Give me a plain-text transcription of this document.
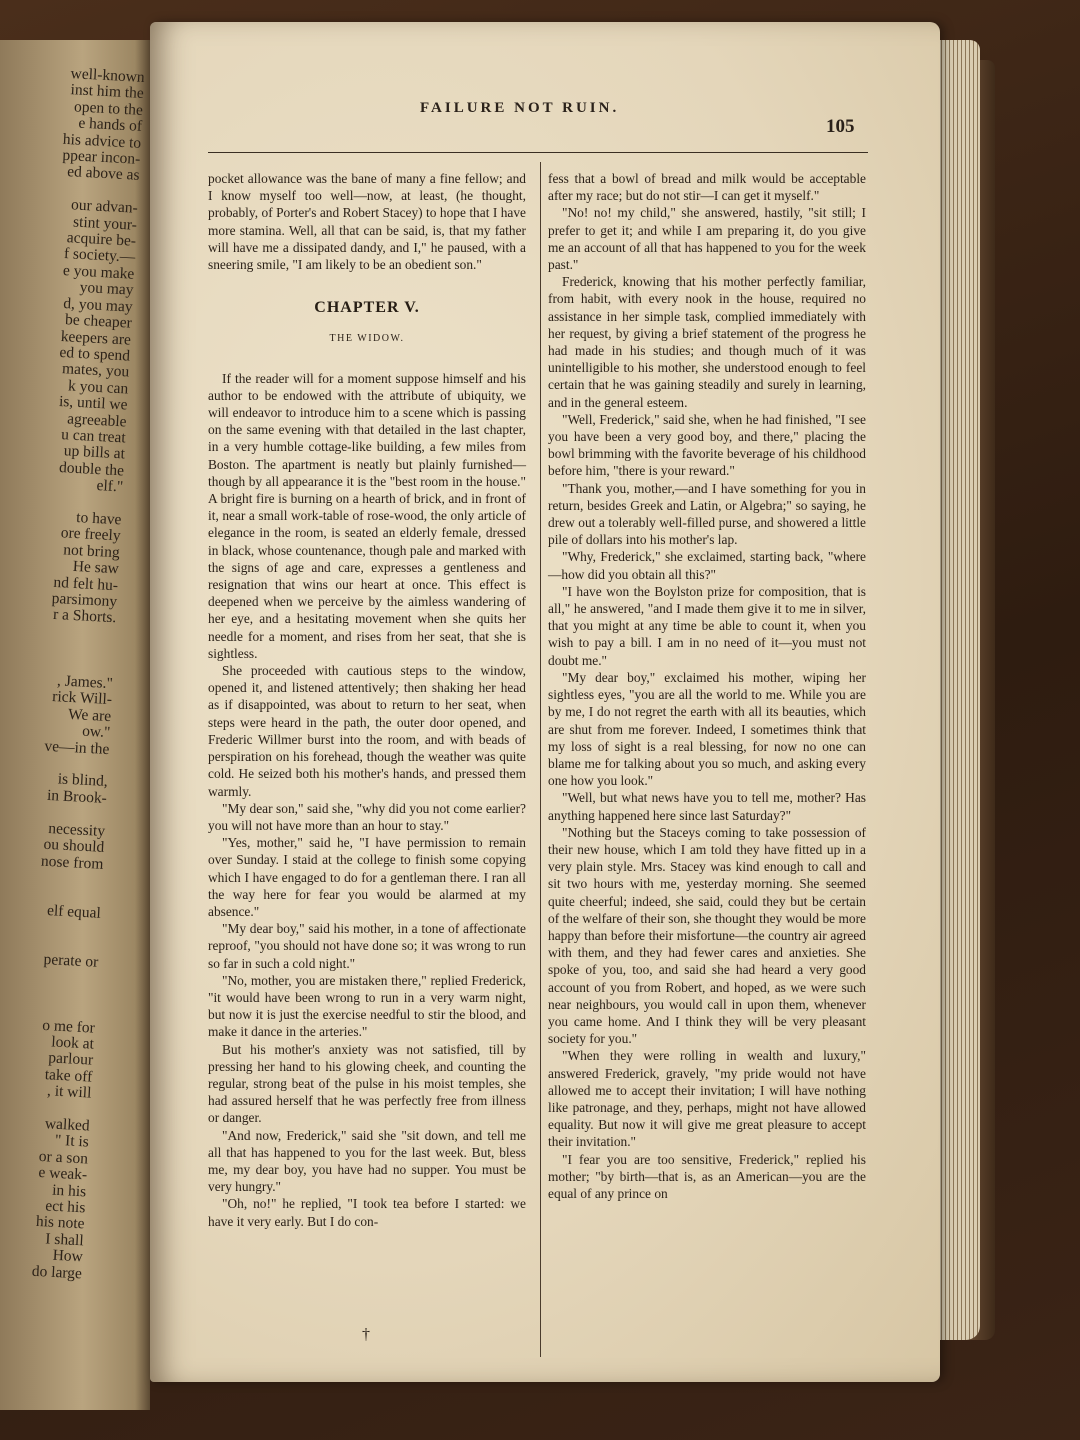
well-known
inst him the
open to the
e hands of
his advice to
ppear incon-
ed above as

our advan-
stint your-
acquire be-
f society.—
e you make
you may
d, you may
be cheaper
keepers are
ed to spend
mates, you
k you can
is, until we
agreeable
u can treat
up bills at
double the
elf."

to have
ore freely
not bring
He saw
nd felt hu-
parsimony
r a Shorts.

, James."
rick Will-
We are
ow."
ve—in the

is blind,
in Brook-

necessity
ou should
nose from

elf equal

perate or

o me for
look at
parlour
take off
, it will

walked
" It is
or a son
e weak-
in his
ect his
his note
I shall
How
do large
FAILURE NOT RUIN.
105

pocket allowance was the bane of many a fine fellow; and I know myself too well—now, at least, (he thought, probably, of Porter's and Robert Stacey) to hope that I have more stamina. Well, all that can be said, is, that my father will have me a dissipated dandy, and I," he paused, with a sneering smile, "I am likely to be an obedient son."

CHAPTER V.
THE WIDOW.

If the reader will for a moment suppose himself and his author to be endowed with the attribute of ubiquity, we will endeavor to introduce him to a scene which is passing on the same evening with that detailed in the last chapter, in a very humble cottage-like building, a few miles from Boston. The apartment is neatly but plainly furnished—though by all appearance it is the "best room in the house." A bright fire is burning on a hearth of brick, and in front of it, near a small work-table of rose-wood, the only article of elegance in the room, is seated an elderly female, dressed in black, whose countenance, though pale and marked with the signs of age and care, expresses a gentleness and resignation that wins our heart at once. This effect is deepened when we perceive by the aimless wandering of her eye, and a hesitating movement when she quits her needle for a moment, and rises from her seat, that she is sightless.

She proceeded with cautious steps to the window, opened it, and listened attentively; then shaking her head as if disappointed, was about to return to her seat, when steps were heard in the path, the outer door opened, and Frederic Willmer burst into the room, and with beads of perspiration on his forehead, though the weather was quite cold. He seized both his mother's hands, and pressed them warmly.

"My dear son," said she, "why did you not come earlier? you will not have more than an hour to stay."

"Yes, mother," said he, "I have permission to remain over Sunday. I staid at the college to finish some copying which I have engaged to do for a gentleman there. I ran all the way here for fear you would be alarmed at my absence."

"My dear boy," said his mother, in a tone of affectionate reproof, "you should not have done so; it was wrong to run so far in such a cold night."

"No, mother, you are mistaken there," replied Frederick, "it would have been wrong to run in a very warm night, but now it is just the exercise needful to stir the blood, and make it dance in the arteries."

But his mother's anxiety was not satisfied, till by pressing her hand to his glowing cheek, and counting the regular, strong beat of the pulse in his moist temples, she had assured herself that he was perfectly free from illness or danger.

"And now, Frederick," said she "sit down, and tell me all that has happened to you for the last week. But, bless me, my dear boy, you have had no supper. You must be very hungry."

"Oh, no!" he replied, "I took tea before I started: we have it very early. But I do con-

fess that a bowl of bread and milk would be acceptable after my race; but do not stir—I can get it myself."

"No! no! my child," she answered, hastily, "sit still; I prefer to get it; and while I am preparing it, do you give me an account of all that has happened to you for the week past."

Frederick, knowing that his mother perfectly familiar, from habit, with every nook in the house, required no assistance in her simple task, complied immediately with her request, by giving a brief statement of the progress he had made in his studies; and though much of it was unintelligible to his mother, she understood enough to feel certain that he was gaining steadily and surely in learning, and in the general esteem.

"Well, Frederick," said she, when he had finished, "I see you have been a very good boy, and there," placing the bowl brimming with the favorite beverage of his childhood before him, "there is your reward."

"Thank you, mother,—and I have something for you in return, besides Greek and Latin, or Algebra;" so saying, he drew out a tolerably well-filled purse, and showered a little pile of dollars into his mother's lap.

"Why, Frederick," she exclaimed, starting back, "where—how did you obtain all this?"

"I have won the Boylston prize for composition, that is all," he answered, "and I made them give it to me in silver, that you might at any time be able to count it, when you wish to pay a bill. I am in no need of it—you must not doubt me."

"My dear boy," exclaimed his mother, wiping her sightless eyes, "you are all the world to me. While you are by me, I do not regret the earth with all its beauties, which are shut from me forever. Indeed, I sometimes think that my loss of sight is a real blessing, for now no one can blame me for talking about you so much, and asking every one how you look."

"Well, but what news have you to tell me, mother? Has anything happened here since last Saturday?"

"Nothing but the Staceys coming to take possession of their new house, which I am told they have fitted up in a very plain style. Mrs. Stacey was kind enough to call and sit two hours with me, yesterday morning. She seemed quite cheerful; indeed, she said, could they but be certain of the welfare of their son, she thought they would be more happy than before their misfortune—the country air agreed with them, and they had fewer cares and anxieties. She spoke of you, too, and said she had heard a very good account of you from Robert, and hoped, as we were such near neighbours, you would call in upon them, whenever you came home. And I think they will be very pleasant society for you."

"When they were rolling in wealth and luxury," answered Frederick, gravely, "my pride would not have allowed me to accept their invitation; I will have nothing like patronage, and they, perhaps, might not have allowed equality. But now it will give me great pleasure to accept their invitation."

"I fear you are too sensitive, Frederick," replied his mother; "by birth—that is, as an American—you are the equal of any prince on

†
